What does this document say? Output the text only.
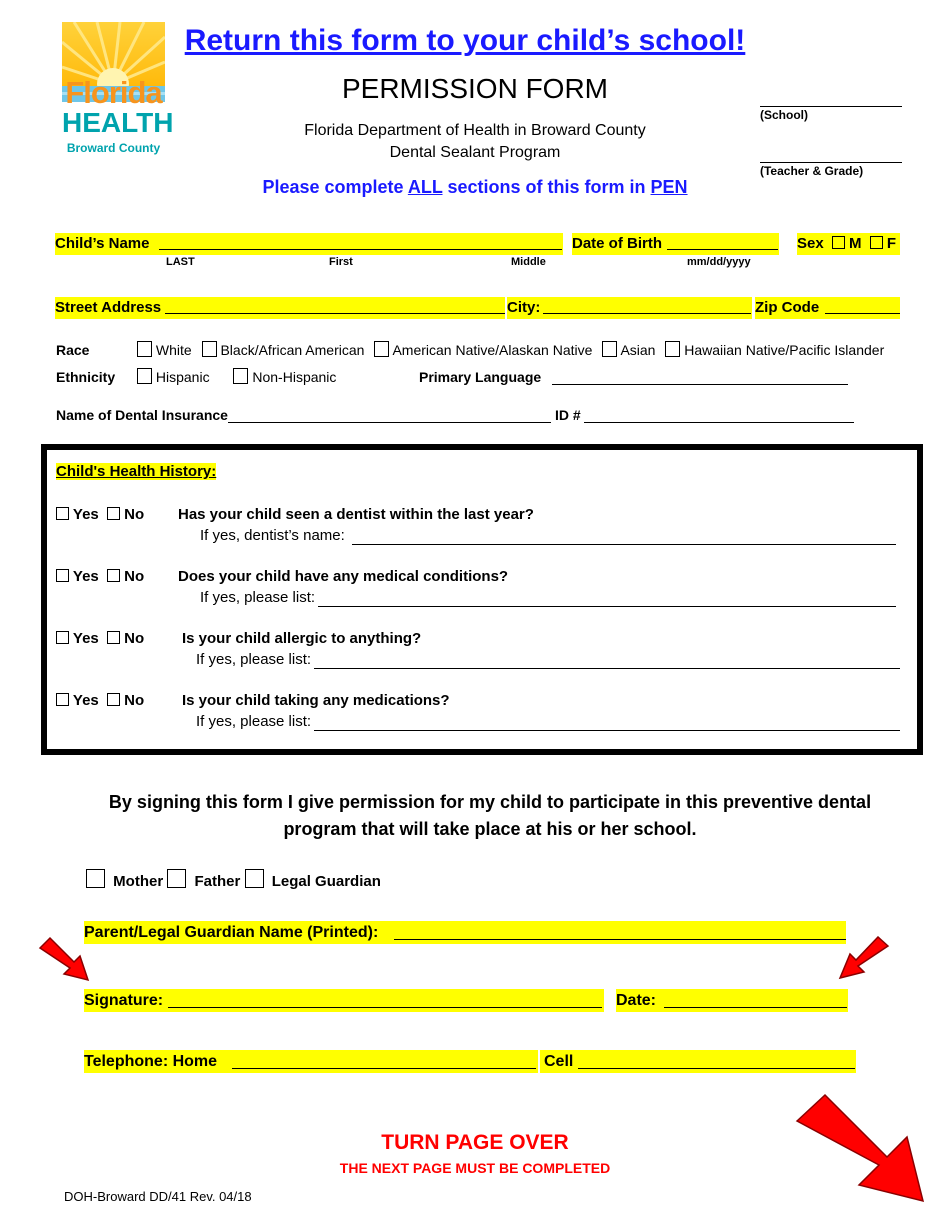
Florida
HEALTH
Broward County
Return this form to your child’s school!
PERMISSION FORM
Florida Department of Health in Broward County
Dental Sealant Program
Please complete ALL sections of this form in PEN
(School)
(Teacher & Grade)
Child’s Name	Date of Birth	Sex M F
LAST	First	Middle	mm/dd/yyyy
Street Address	City:	Zip Code
Race	White Black/African American American Native/Alaskan Native Asian Hawaiian Native/Pacific Islander
Ethnicity	Hispanic	Non-Hispanic	Primary Language
Name of Dental Insurance	ID #
Child's Health History:
Yes No Has your child seen a dentist within the last year?
If yes, dentist’s name:
Yes No Does your child have any medical conditions?
If yes, please list:
Yes No	Is your child allergic to anything?
If yes, please list:
Yes No	Is your child taking any medications?
If yes, please list:
By signing this form I give permission for my child to participate in this preventive dental program that will take place at his or her school.
Mother Father Legal Guardian
Parent/Legal Guardian Name (Printed):
Signature:	Date:
Telephone: Home	Cell
TURN PAGE OVER
THE NEXT PAGE MUST BE COMPLETED
DOH-Broward DD/41 Rev. 04/18
